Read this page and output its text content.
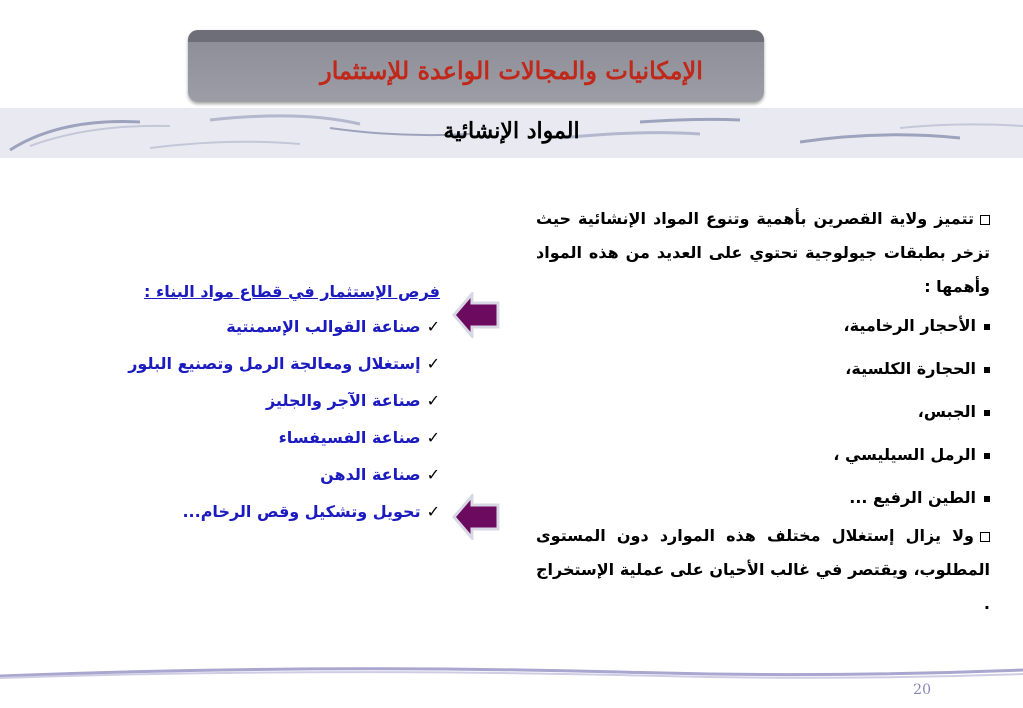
الإمكانيات والمجالات الواعدة للإستثمار
المواد الإنشائية

تتميز ولاية القصرين بأهمية وتنوع المواد الإنشائية حيث تزخر بطبقات جيولوجية تحتوي على العديد من هذه المواد وأهمها :

الأحجار الرخامية،

الحجارة الكلسية،

الجبس،

الرمل السيليسي ،

الطين الرفيع ...

ولا يزال إستغلال مختلف هذه الموارد دون المستوى المطلوب، ويقتصر في غالب الأحيان على عملية الإستخراج .

فرص الإستثمار في قطاع مواد البناء :
✓صناعة القوالب الإسمنتية
✓إستغلال ومعالجة الرمل وتصنيع البلور
✓صناعة الآجر والجليز
✓صناعة الفسيفساء
✓صناعة الدهن
✓تحويل وتشكيل وقص الرخام...
20
